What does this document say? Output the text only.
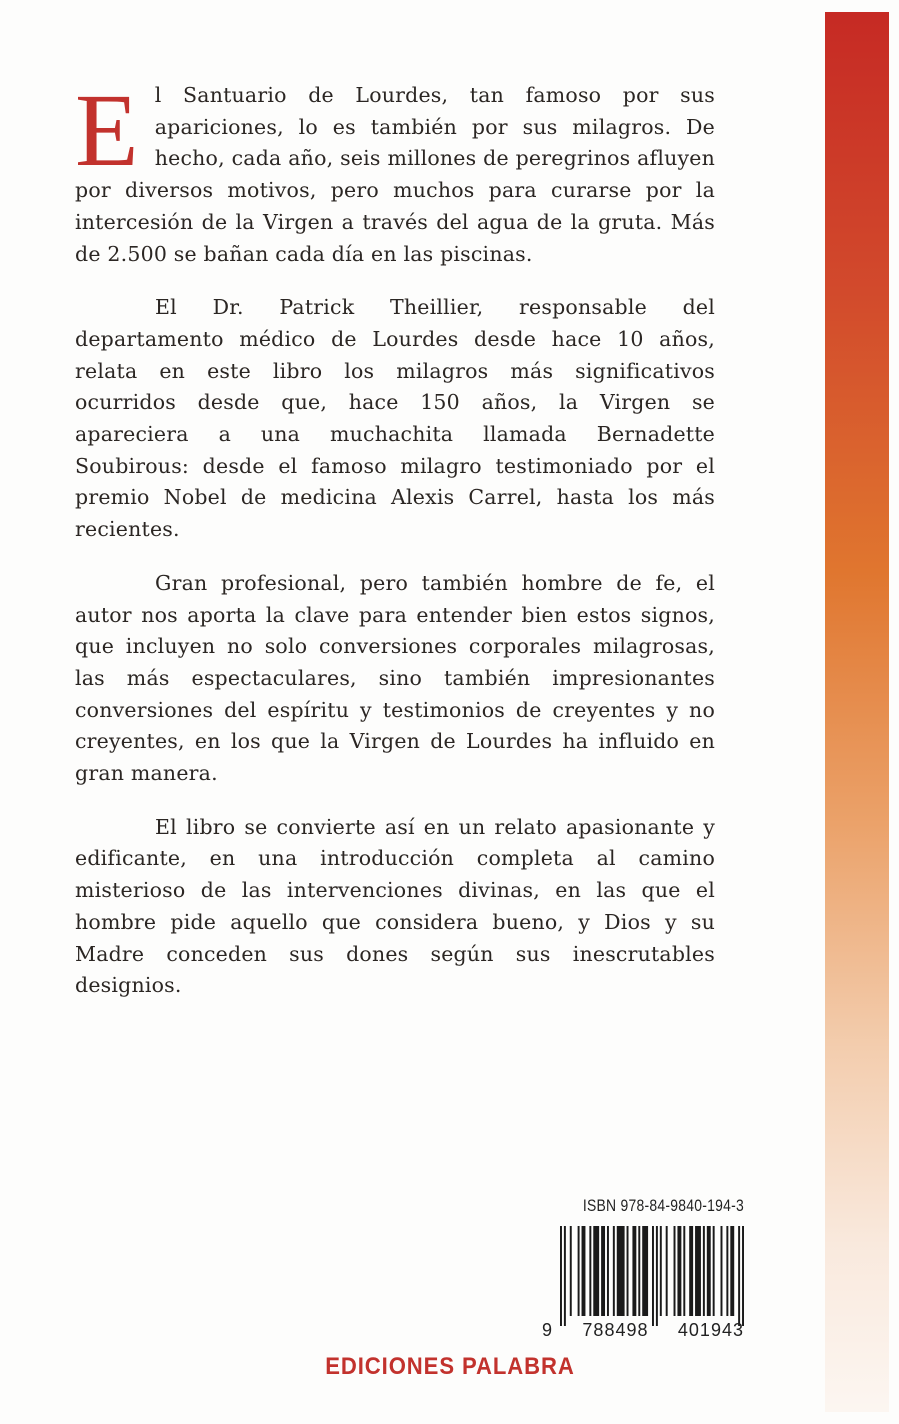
El Santuario de Lourdes, tan famoso por sus apariciones, lo es también por sus milagros. De hecho, cada año, seis millones de peregrinos afluyen por diversos motivos, pero muchos para curarse por la intercesión de la Virgen a través del agua de la gruta. Más de 2.500 se bañan cada día en las piscinas.

El Dr. Patrick Theillier, responsable del departamento médico de Lourdes desde hace 10 años, relata en este libro los milagros más significativos ocurridos desde que, hace 150 años, la Virgen se apareciera a una muchachita llamada Bernadette Soubirous: desde el famoso milagro testimoniado por el premio Nobel de medicina Alexis Carrel, hasta los más recientes.

Gran profesional, pero también hombre de fe, el autor nos aporta la clave para entender bien estos signos, que incluyen no solo conversiones corporales milagrosas, las más espectaculares, sino también impresionantes conversiones del espíritu y testimonios de creyentes y no creyentes, en los que la Virgen de Lourdes ha influido en gran manera.

El libro se convierte así en un relato apasionante y edificante, en una introducción completa al camino misterioso de las intervenciones divinas, en las que el hombre pide aquello que considera bueno, y Dios y su Madre conceden sus dones según sus inescrutables designios.

ISBN 978-84-9840-194-3
9 788498 401943
EDICIONES PALABRA
